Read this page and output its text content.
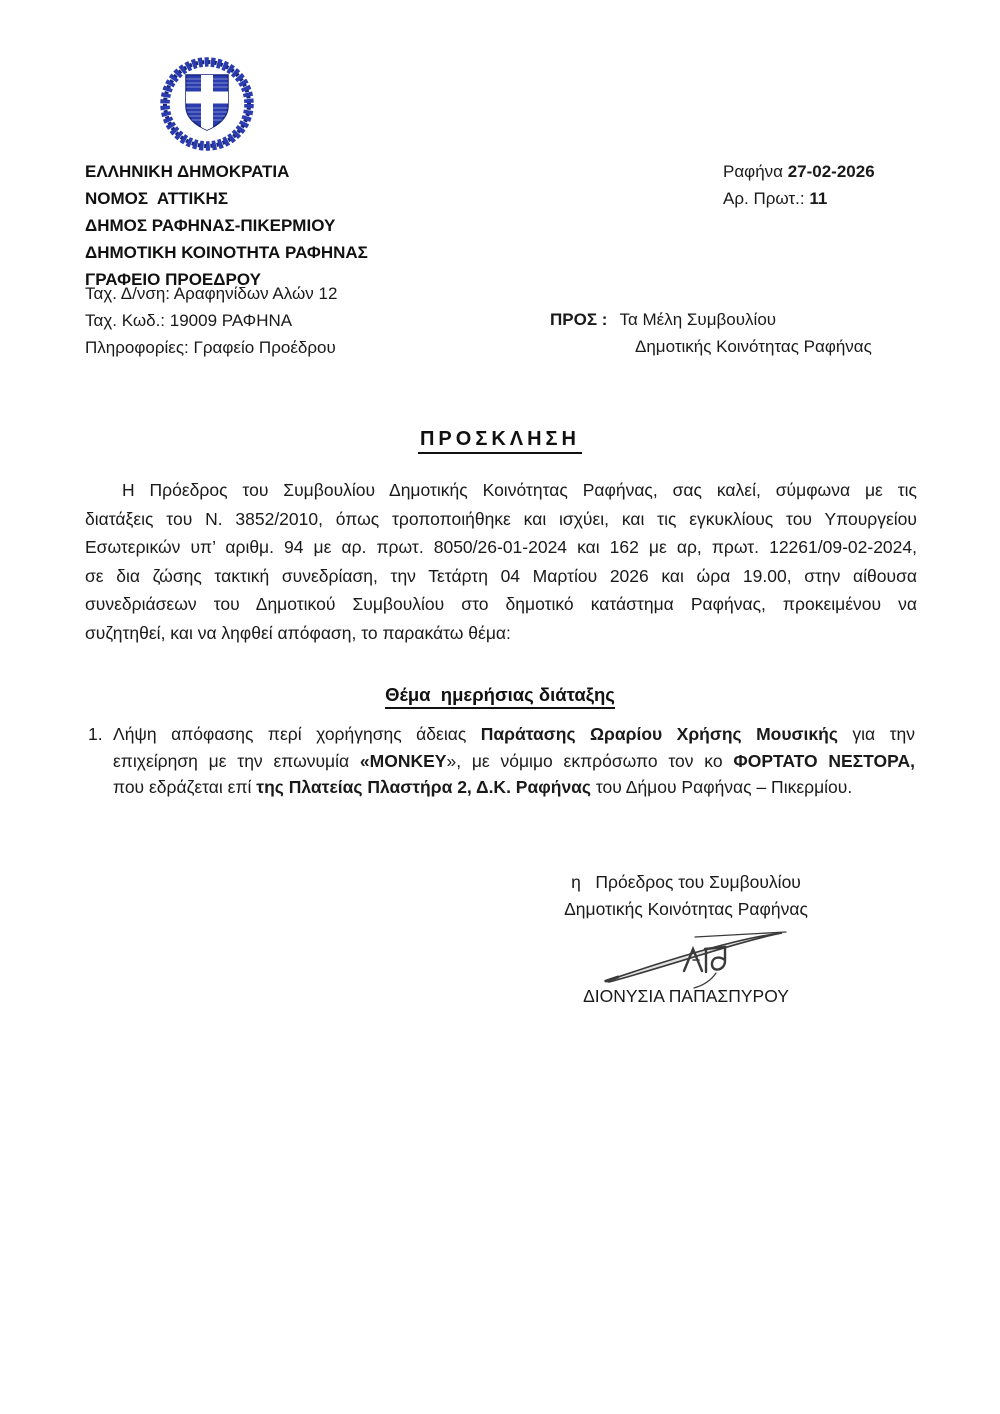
ΕΛΛΗΝΙΚΗ ΔΗΜΟΚΡΑΤΙΑ
ΝΟΜΟΣ  ΑΤΤΙΚΗΣ
ΔΗΜΟΣ ΡΑΦΗΝΑΣ-ΠΙΚΕΡΜΙΟΥ
ΔΗΜΟΤΙΚΗ ΚΟΙΝΟΤΗΤΑ ΡΑΦΗΝΑΣ
ΓΡΑΦΕΙΟ ΠΡΟΕΔΡΟΥ
Ραφήνα 27-02-2026
Αρ. Πρωτ.: 11
Ταχ. Δ/νση: Αραφηνίδων Αλών 12
Ταχ. Κωδ.: 19009 ΡΑΦΗΝΑ
Πληροφορίες: Γραφείο Προέδρου
ΠΡΟΣ : Τα Μέλη Συμβουλίου
Δημοτικής Κοινότητας Ραφήνας
ΠΡΟΣΚΛΗΣΗ
Η Πρόεδρος του Συμβουλίου Δημοτικής Κοινότητας Ραφήνας, σας καλεί, σύμφωνα με τις
διατάξεις του Ν. 3852/2010, όπως τροποποιήθηκε και ισχύει, και τις εγκυκλίους του Υπουργείου
Εσωτερικών υπ’ αριθμ. 94 με αρ. πρωτ. 8050/26-01-2024 και 162 με αρ, πρωτ. 12261/09-02-2024,
σε δια ζώσης τακτική συνεδρίαση, την Τετάρτη 04 Μαρτίου 2026 και ώρα 19.00, στην αίθουσα
συνεδριάσεων του Δημοτικού Συμβουλίου στο δημοτικό κατάστημα Ραφήνας, προκειμένου να
συζητηθεί, και να ληφθεί απόφαση, το παρακάτω θέμα:
Θέμα  ημερήσιας διάταξης
1. Λήψη απόφασης περί χορήγησης άδειας Παράτασης Ωραρίου Χρήσης Μουσικής για την
επιχείρηση με την επωνυμία «MONKEY», με νόμιμο εκπρόσωπο τον κο ΦΟΡΤΑΤΟ ΝΕΣΤΟΡΑ,
που εδράζεται επί της Πλατείας Πλαστήρα 2, Δ.Κ. Ραφήνας του Δήμου Ραφήνας – Πικερμίου.
η   Πρόεδρος του Συμβουλίου
Δημοτικής Κοινότητας Ραφήνας
ΔΙΟΝΥΣΙΑ ΠΑΠΑΣΠΥΡΟΥ
